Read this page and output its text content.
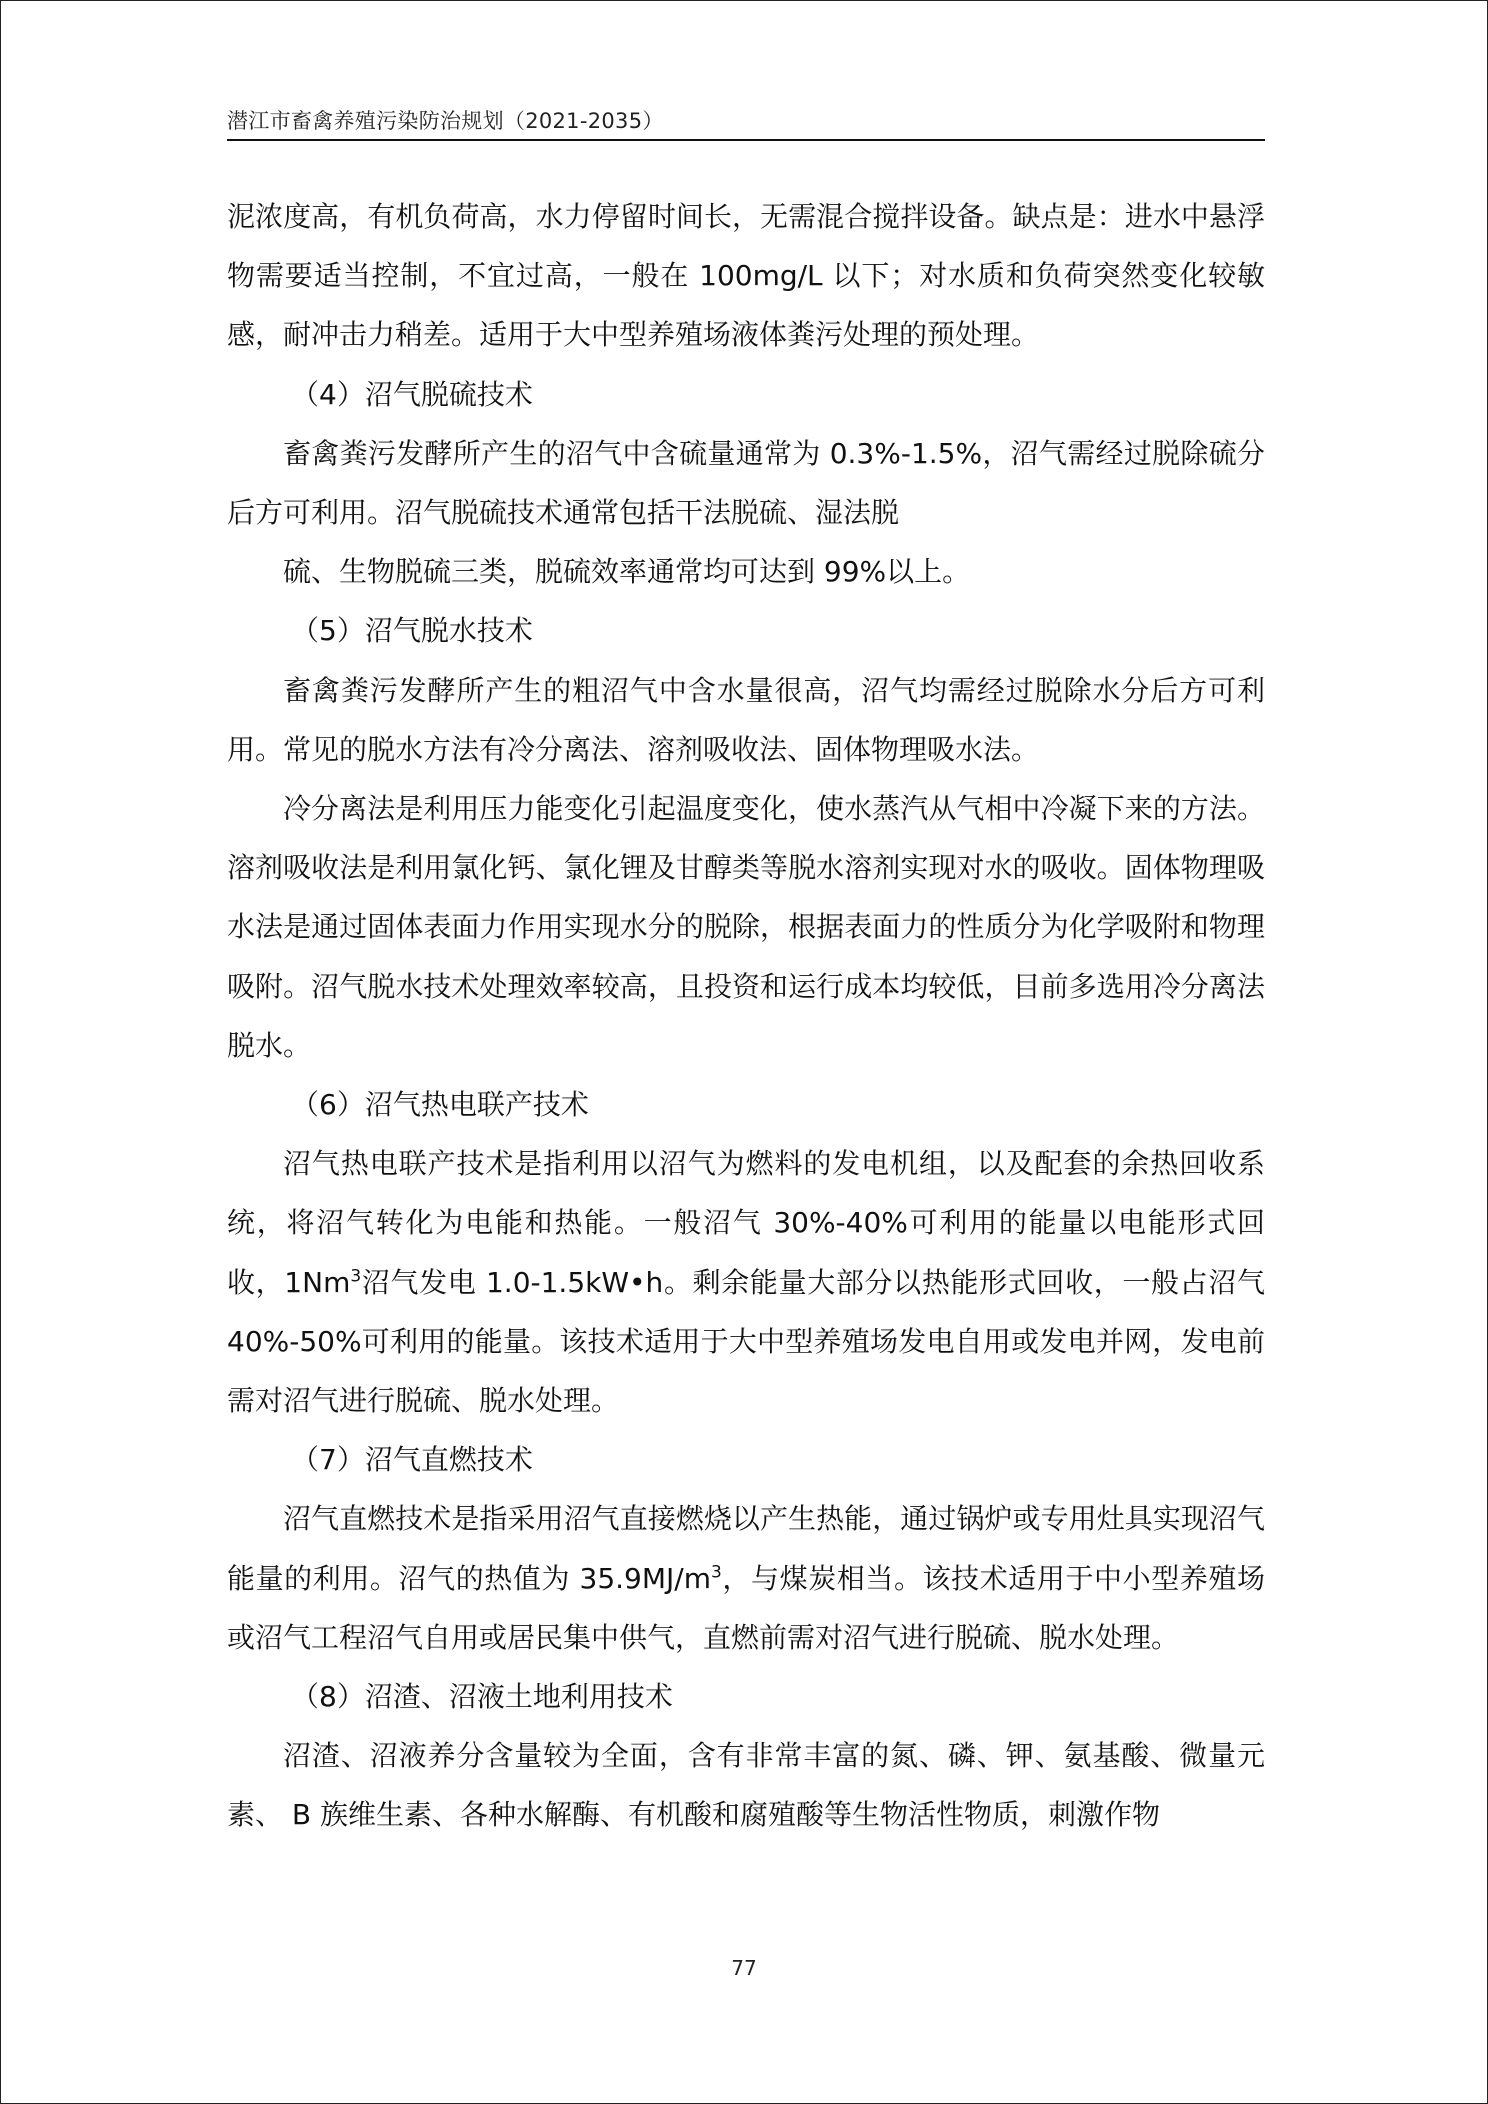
潜江市畜禽养殖污染防治规划（2021-2035）

泥浓度高，有机负荷高，水力停留时间长，无需混合搅拌设备。缺点是：进水中悬浮物需要适当控制，不宜过高，一般在 100mg/L 以下；对水质和负荷突然变化较敏感，耐冲击力稍差。适用于大中型养殖场液体粪污处理的预处理。

（4）沼气脱硫技术

畜禽粪污发酵所产生的沼气中含硫量通常为 0.3%-1.5%，沼气需经过脱除硫分后方可利用。沼气脱硫技术通常包括干法脱硫、湿法脱

硫、生物脱硫三类，脱硫效率通常均可达到 99%以上。

（5）沼气脱水技术

畜禽粪污发酵所产生的粗沼气中含水量很高，沼气均需经过脱除水分后方可利用。常见的脱水方法有冷分离法、溶剂吸收法、固体物理吸水法。

冷分离法是利用压力能变化引起温度变化，使水蒸汽从气相中冷凝下来的方法。溶剂吸收法是利用氯化钙、氯化锂及甘醇类等脱水溶剂实现对水的吸收。固体物理吸水法是通过固体表面力作用实现水分的脱除，根据表面力的性质分为化学吸附和物理吸附。沼气脱水技术处理效率较高，且投资和运行成本均较低，目前多选用冷分离法脱水。

（6）沼气热电联产技术

沼气热电联产技术是指利用以沼气为燃料的发电机组，以及配套的余热回收系统，将沼气转化为电能和热能。一般沼气 30%-40%可利用的能量以电能形式回收，1Nm$^3$沼气发电 1.0-1.5kW•h。剩余能量大部分以热能形式回收，一般占沼气 40%-50%可利用的能量。该技术适用于大中型养殖场发电自用或发电并网，发电前需对沼气进行脱硫、脱水处理。

（7）沼气直燃技术

沼气直燃技术是指采用沼气直接燃烧以产生热能，通过锅炉或专用灶具实现沼气能量的利用。沼气的热值为 $35.9MJ/m^3$，与煤炭相当。该技术适用于中小型养殖场或沼气工程沼气自用或居民集中供气，直燃前需对沼气进行脱硫、脱水处理。

（8）沼渣、沼液土地利用技术

沼渣、沼液养分含量较为全面，含有非常丰富的氮、磷、钾、氨基酸、微量元素、 B 族维生素、各种水解酶、有机酸和腐殖酸等生物活性物质，刺激作物

77
